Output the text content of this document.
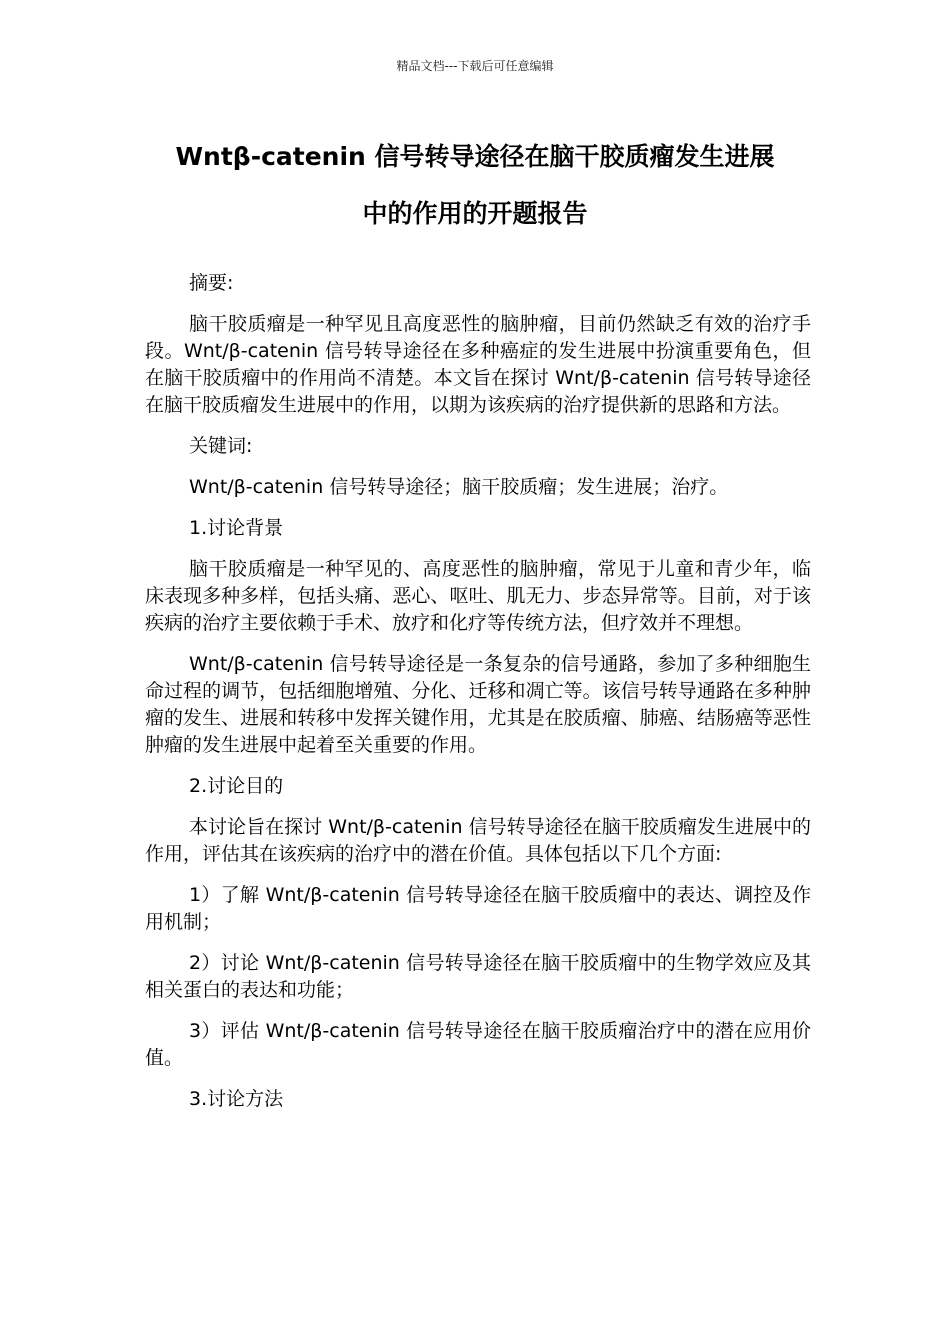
精品文档---下载后可任意编辑
Wntβ-catenin 信号转导途径在脑干胶质瘤发生进展
中的作用的开题报告

摘要:

脑干胶质瘤是一种罕见且高度恶性的脑肿瘤，目前仍然缺乏有效的治疗手段。Wnt/β-catenin 信号转导途径在多种癌症的发生进展中扮演重要角色，但在脑干胶质瘤中的作用尚不清楚。本文旨在探讨 Wnt/β-catenin 信号转导途径在脑干胶质瘤发生进展中的作用，以期为该疾病的治疗提供新的思路和方法。

关键词:

Wnt/β-catenin 信号转导途径；脑干胶质瘤；发生进展；治疗。

1.讨论背景

脑干胶质瘤是一种罕见的、高度恶性的脑肿瘤，常见于儿童和青少年，临床表现多种多样，包括头痛、恶心、呕吐、肌无力、步态异常等。目前，对于该疾病的治疗主要依赖于手术、放疗和化疗等传统方法，但疗效并不理想。

Wnt/β-catenin 信号转导途径是一条复杂的信号通路，参加了多种细胞生命过程的调节，包括细胞增殖、分化、迁移和凋亡等。该信号转导通路在多种肿瘤的发生、进展和转移中发挥关键作用，尤其是在胶质瘤、肺癌、结肠癌等恶性肿瘤的发生进展中起着至关重要的作用。

2.讨论目的

本讨论旨在探讨 Wnt/β-catenin 信号转导途径在脑干胶质瘤发生进展中的作用，评估其在该疾病的治疗中的潜在价值。具体包括以下几个方面:

1）了解 Wnt/β-catenin 信号转导途径在脑干胶质瘤中的表达、调控及作用机制；

2）讨论 Wnt/β-catenin 信号转导途径在脑干胶质瘤中的生物学效应及其相关蛋白的表达和功能；

3）评估 Wnt/β-catenin 信号转导途径在脑干胶质瘤治疗中的潜在应用价值。

3.讨论方法
